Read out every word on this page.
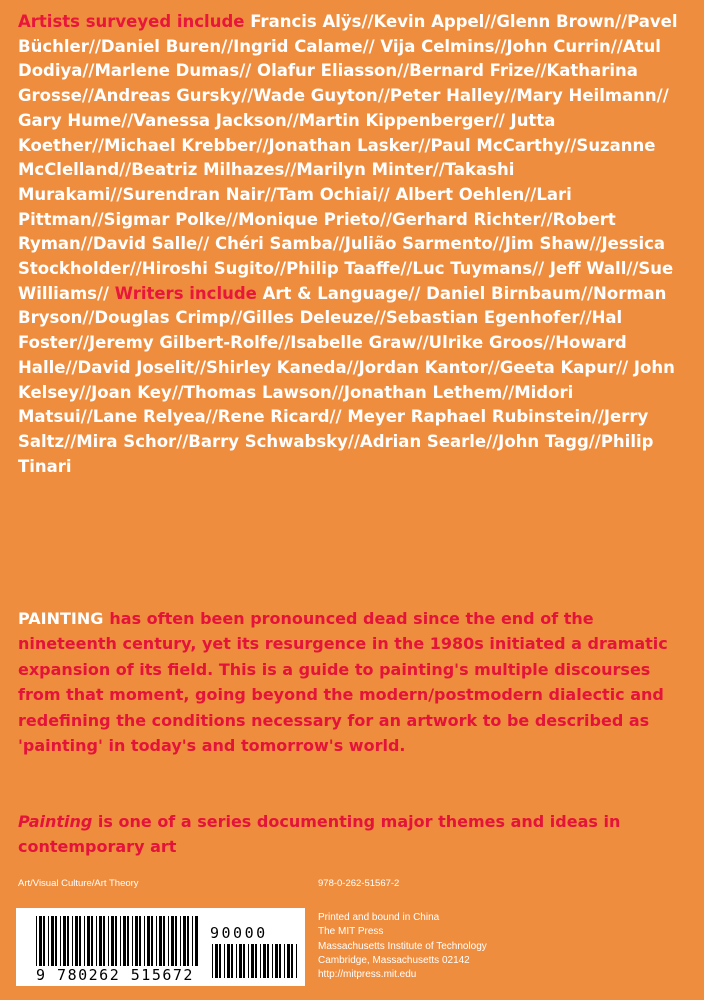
Artists surveyed include Francis Alÿs//Kevin Appel//Glenn Brown//Pavel Büchler//Daniel Buren//Ingrid Calame// Vija Celmins//John Currin//Atul Dodiya//Marlene Dumas// Olafur Eliasson//Bernard Frize//Katharina Grosse//Andreas Gursky//Wade Guyton//Peter Halley//Mary Heilmann// Gary Hume//Vanessa Jackson//Martin Kippenberger// Jutta Koether//Michael Krebber//Jonathan Lasker//Paul McCarthy//Suzanne McClelland//Beatriz Milhazes//Marilyn Minter//Takashi Murakami//Surendran Nair//Tam Ochiai// Albert Oehlen//Lari Pittman//Sigmar Polke//Monique Prieto//Gerhard Richter//Robert Ryman//David Salle// Chéri Samba//Julião Sarmento//Jim Shaw//Jessica Stockholder//Hiroshi Sugito//Philip Taaffe//Luc Tuymans// Jeff Wall//Sue Williams// Writers include Art & Language// Daniel Birnbaum//Norman Bryson//Douglas Crimp//Gilles Deleuze//Sebastian Egenhofer//Hal Foster//Jeremy Gilbert-Rolfe//Isabelle Graw//Ulrike Groos//Howard Halle//David Joselit//Shirley Kaneda//Jordan Kantor//Geeta Kapur// John Kelsey//Joan Key//Thomas Lawson//Jonathan Lethem//Midori Matsui//Lane Relyea//Rene Ricard// Meyer Raphael Rubinstein//Jerry Saltz//Mira Schor//Barry Schwabsky//Adrian Searle//John Tagg//Philip Tinari
PAINTING has often been pronounced dead since the end of the nineteenth century, yet its resurgence in the 1980s initiated a dramatic expansion of its field. This is a guide to painting's multiple discourses from that moment, going beyond the modern/postmodern dialectic and redefining the conditions necessary for an artwork to be described as 'painting' in today's and tomorrow's world.
Painting is one of a series documenting major themes and ideas in contemporary art
Art/Visual Culture/Art Theory	978-0-262-51567-2
9 780262 515672
90000
Printed and bound in China
The MIT Press
Massachusetts Institute of Technology
Cambridge, Massachusetts 02142
http://mitpress.mit.edu
